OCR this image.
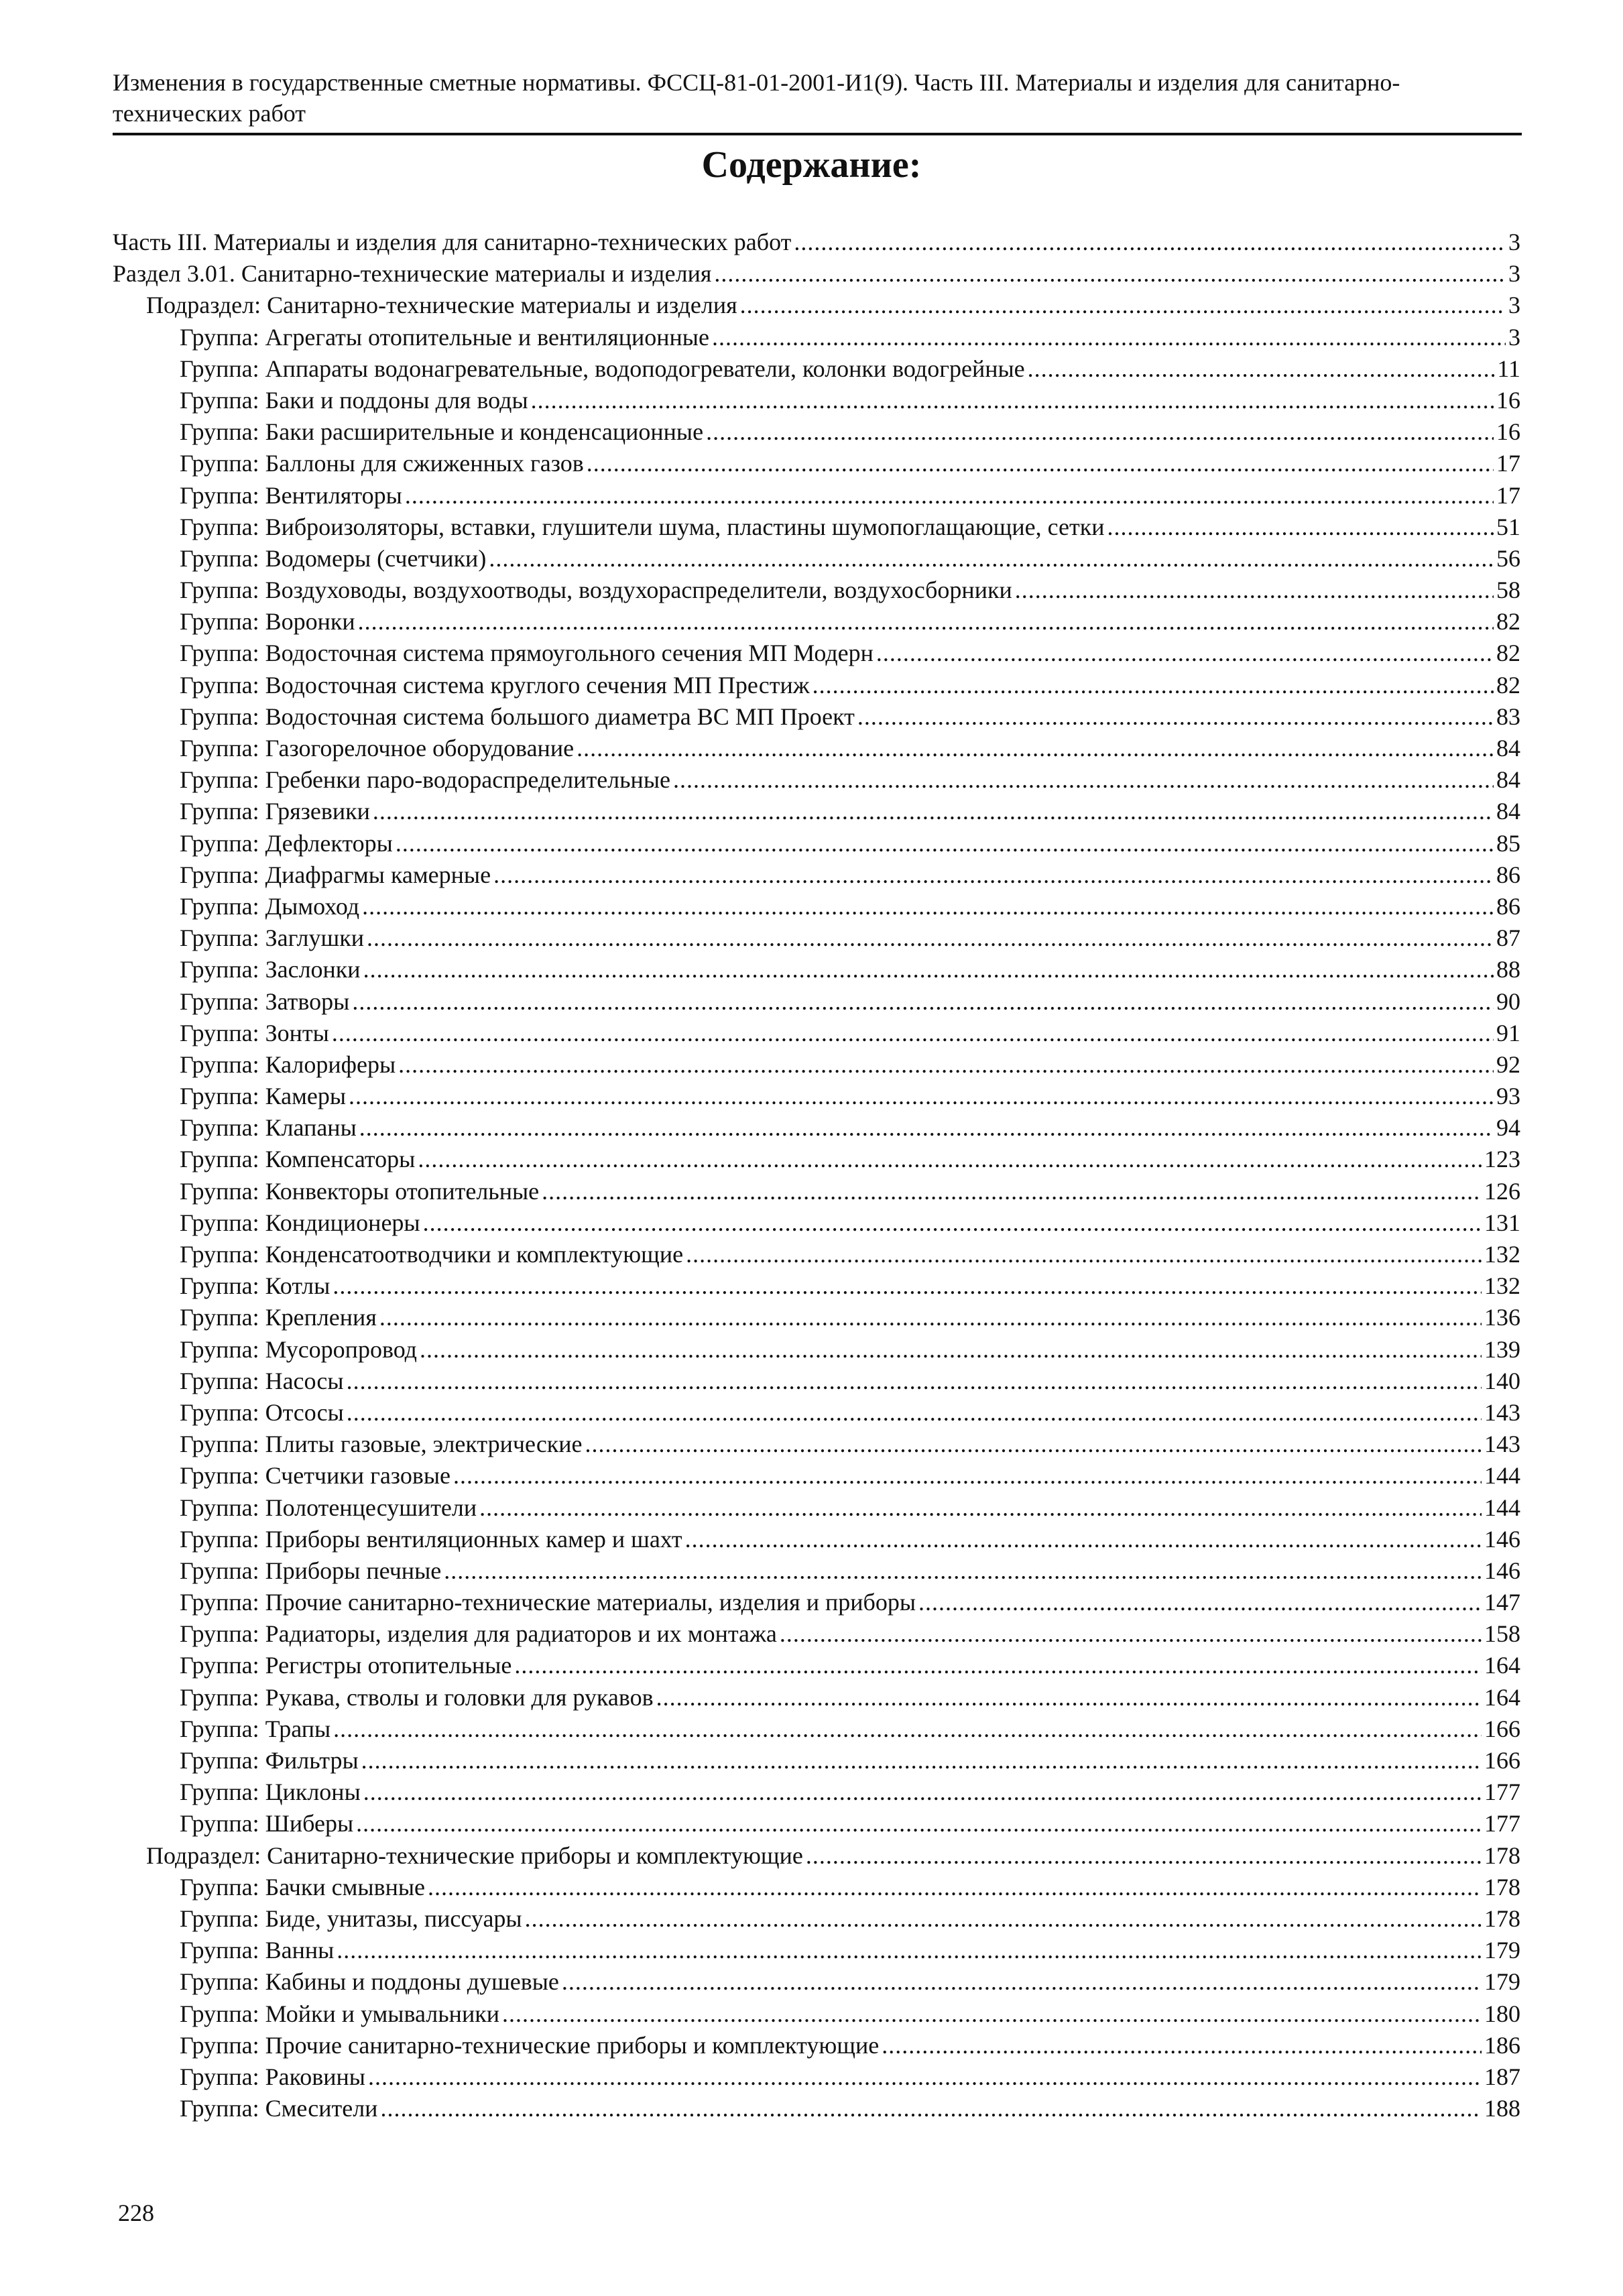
Изменения в государственные сметные нормативы. ФССЦ-81-01-2001-И1(9). Часть III. Материалы и изделия для санитарно-технических работ
Содержание:
Часть III. Материалы и изделия для санитарно-технических работ .....	3
Раздел 3.01. Санитарно-технические материалы и изделия .....	3
Подраздел: Санитарно-технические материалы и изделия .....	3
Группа: Агрегаты отопительные и вентиляционные .....	3
Группа: Аппараты водонагревательные, водоподогреватели, колонки водогрейные .....	11
Группа: Баки и поддоны для воды .....	16
Группа: Баки расширительные и конденсационные .....	16
Группа: Баллоны для сжиженных газов .....	17
Группа: Вентиляторы .....	17
Группа: Виброизоляторы, вставки, глушители шума, пластины шумопоглащающие, сетки .....	51
Группа: Водомеры (счетчики) .....	56
Группа: Воздуховоды, воздухоотводы, воздухораспределители, воздухосборники .....	58
Группа: Воронки .....	82
Группа: Водосточная система прямоугольного сечения МП Модерн .....	82
Группа: Водосточная система круглого сечения МП Престиж .....	82
Группа: Водосточная система большого диаметра ВС МП Проект .....	83
Группа: Газогорелочное оборудование .....	84
Группа: Гребенки паро-водораспределительные .....	84
Группа: Грязевики .....	84
Группа: Дефлекторы .....	85
Группа: Диафрагмы камерные .....	86
Группа: Дымоход .....	86
Группа: Заглушки .....	87
Группа: Заслонки .....	88
Группа: Затворы .....	90
Группа: Зонты .....	91
Группа: Калориферы .....	92
Группа: Камеры .....	93
Группа: Клапаны .....	94
Группа: Компенсаторы .....	123
Группа: Конвекторы отопительные .....	126
Группа: Кондиционеры .....	131
Группа: Конденсатоотводчики и комплектующие .....	132
Группа: Котлы .....	132
Группа: Крепления .....	136
Группа: Мусоропровод .....	139
Группа: Насосы .....	140
Группа: Отсосы .....	143
Группа: Плиты газовые, электрические .....	143
Группа: Счетчики газовые .....	144
Группа: Полотенцесушители .....	144
Группа: Приборы вентиляционных камер и шахт .....	146
Группа: Приборы печные .....	146
Группа: Прочие санитарно-технические материалы, изделия и приборы .....	147
Группа: Радиаторы, изделия для радиаторов и их монтажа .....	158
Группа: Регистры отопительные .....	164
Группа: Рукава, стволы и головки для рукавов .....	164
Группа: Трапы .....	166
Группа: Фильтры .....	166
Группа: Циклоны .....	177
Группа: Шиберы .....	177
Подраздел: Санитарно-технические приборы и комплектующие .....	178
Группа: Бачки смывные .....	178
Группа: Биде, унитазы, писсуары .....	178
Группа: Ванны .....	179
Группа: Кабины и поддоны душевые .....	179
Группа: Мойки и умывальники .....	180
Группа: Прочие санитарно-технические приборы и комплектующие .....	186
Группа: Раковины .....	187
Группа: Смесители .....	188
228
